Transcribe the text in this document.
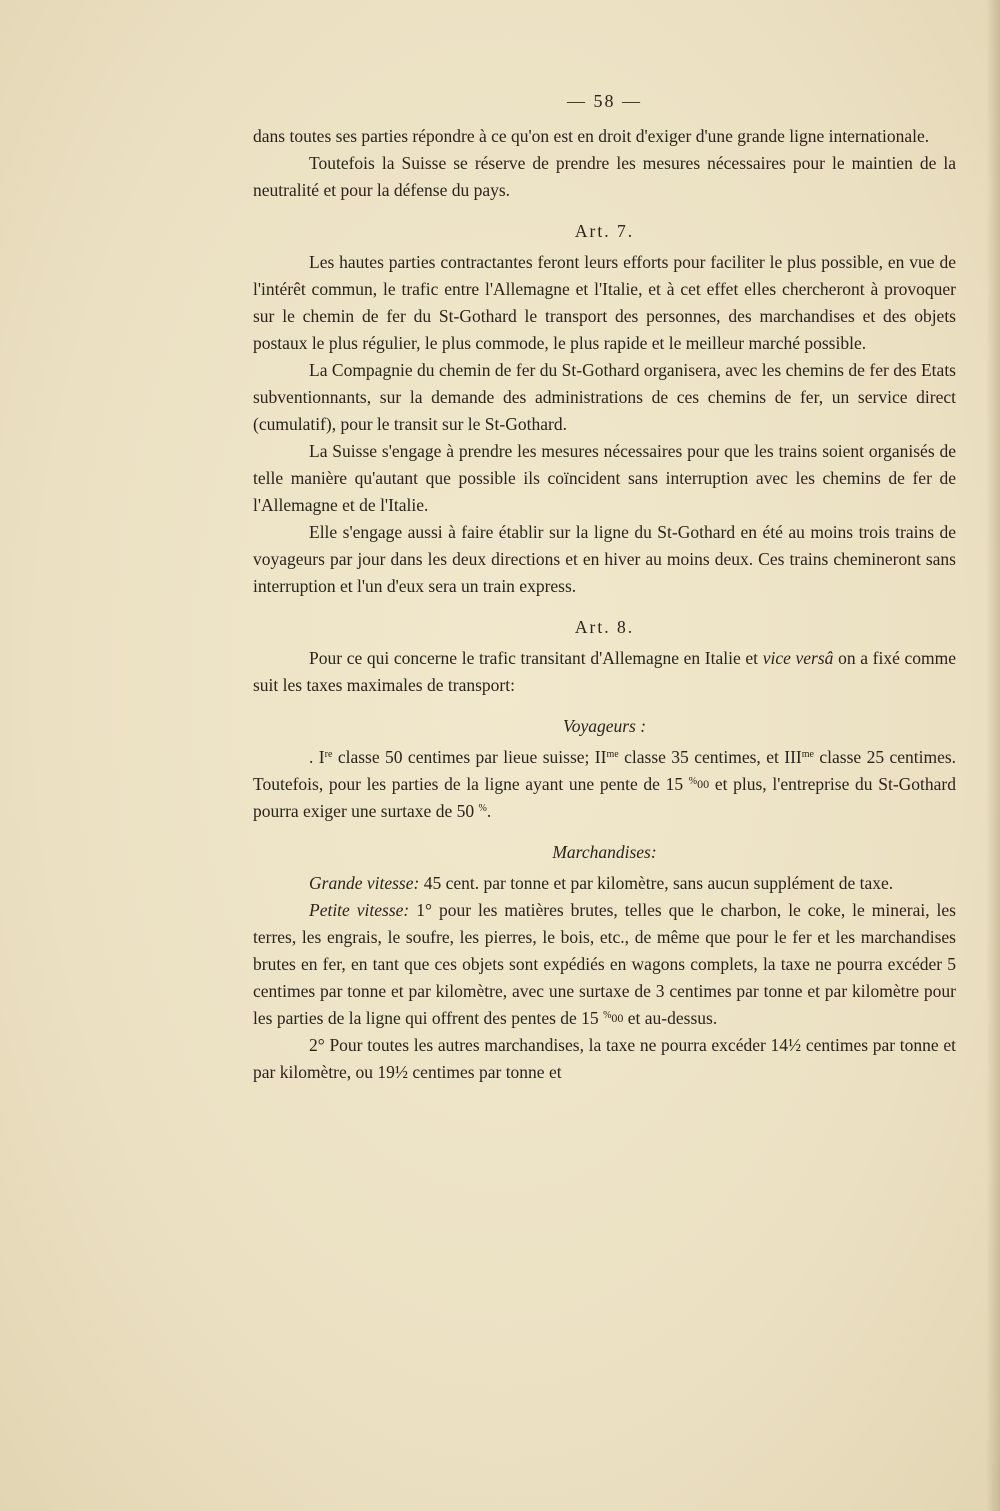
— 58 —

dans toutes ses parties répondre à ce qu'on est en droit d'exiger d'une grande ligne internationale.

Toutefois la Suisse se réserve de prendre les mesures nécessaires pour le maintien de la neutralité et pour la défense du pays.

Art. 7.

Les hautes parties contractantes feront leurs efforts pour faciliter le plus possible, en vue de l'intérêt commun, le trafic entre l'Allemagne et l'Italie, et à cet effet elles chercheront à provoquer sur le chemin de fer du St-Gothard le transport des personnes, des marchandises et des objets postaux le plus régulier, le plus commode, le plus rapide et le meilleur marché possible.

La Compagnie du chemin de fer du St-Gothard organisera, avec les chemins de fer des Etats subventionnants, sur la demande des administrations de ces chemins de fer, un service direct (cumulatif), pour le transit sur le St-Gothard.

La Suisse s'engage à prendre les mesures nécessaires pour que les trains soient organisés de telle manière qu'autant que possible ils coïncident sans interruption avec les chemins de fer de l'Allemagne et de l'Italie.

Elle s'engage aussi à faire établir sur la ligne du St-Gothard en été au moins trois trains de voyageurs par jour dans les deux directions et en hiver au moins deux. Ces trains chemineront sans interruption et l'un d'eux sera un train express.

Art. 8.

Pour ce qui concerne le trafic transitant d'Allemagne en Italie et vice versâ on a fixé comme suit les taxes maximales de transport:

Voyageurs :

. Ire classe 50 centimes par lieue suisse; $II^{me}$ classe 35 centimes, et $III^{me}$ classe 25 centimes. Toutefois, pour les parties de la ligne ayant une pente de 15 %00 et plus, l'entreprise du St-Gothard pourra exiger une surtaxe de 50 %.

Marchandises:

Grande vitesse: 45 cent. par tonne et par kilomètre, sans aucun supplément de taxe.

Petite vitesse: 1° pour les matières brutes, telles que le charbon, le coke, le minerai, les terres, les engrais, le soufre, les pierres, le bois, etc., de même que pour le fer et les marchandises brutes en fer, en tant que ces objets sont expédiés en wagons complets, la taxe ne pourra excéder 5 centimes par tonne et par kilomètre, avec une surtaxe de 3 centimes par tonne et par kilomètre pour les parties de la ligne qui offrent des pentes de 15 %00 et au-dessus.

2° Pour toutes les autres marchandises, la taxe ne pourra excéder 14½ centimes par tonne et par kilomètre, ou 19½ centimes par tonne et
